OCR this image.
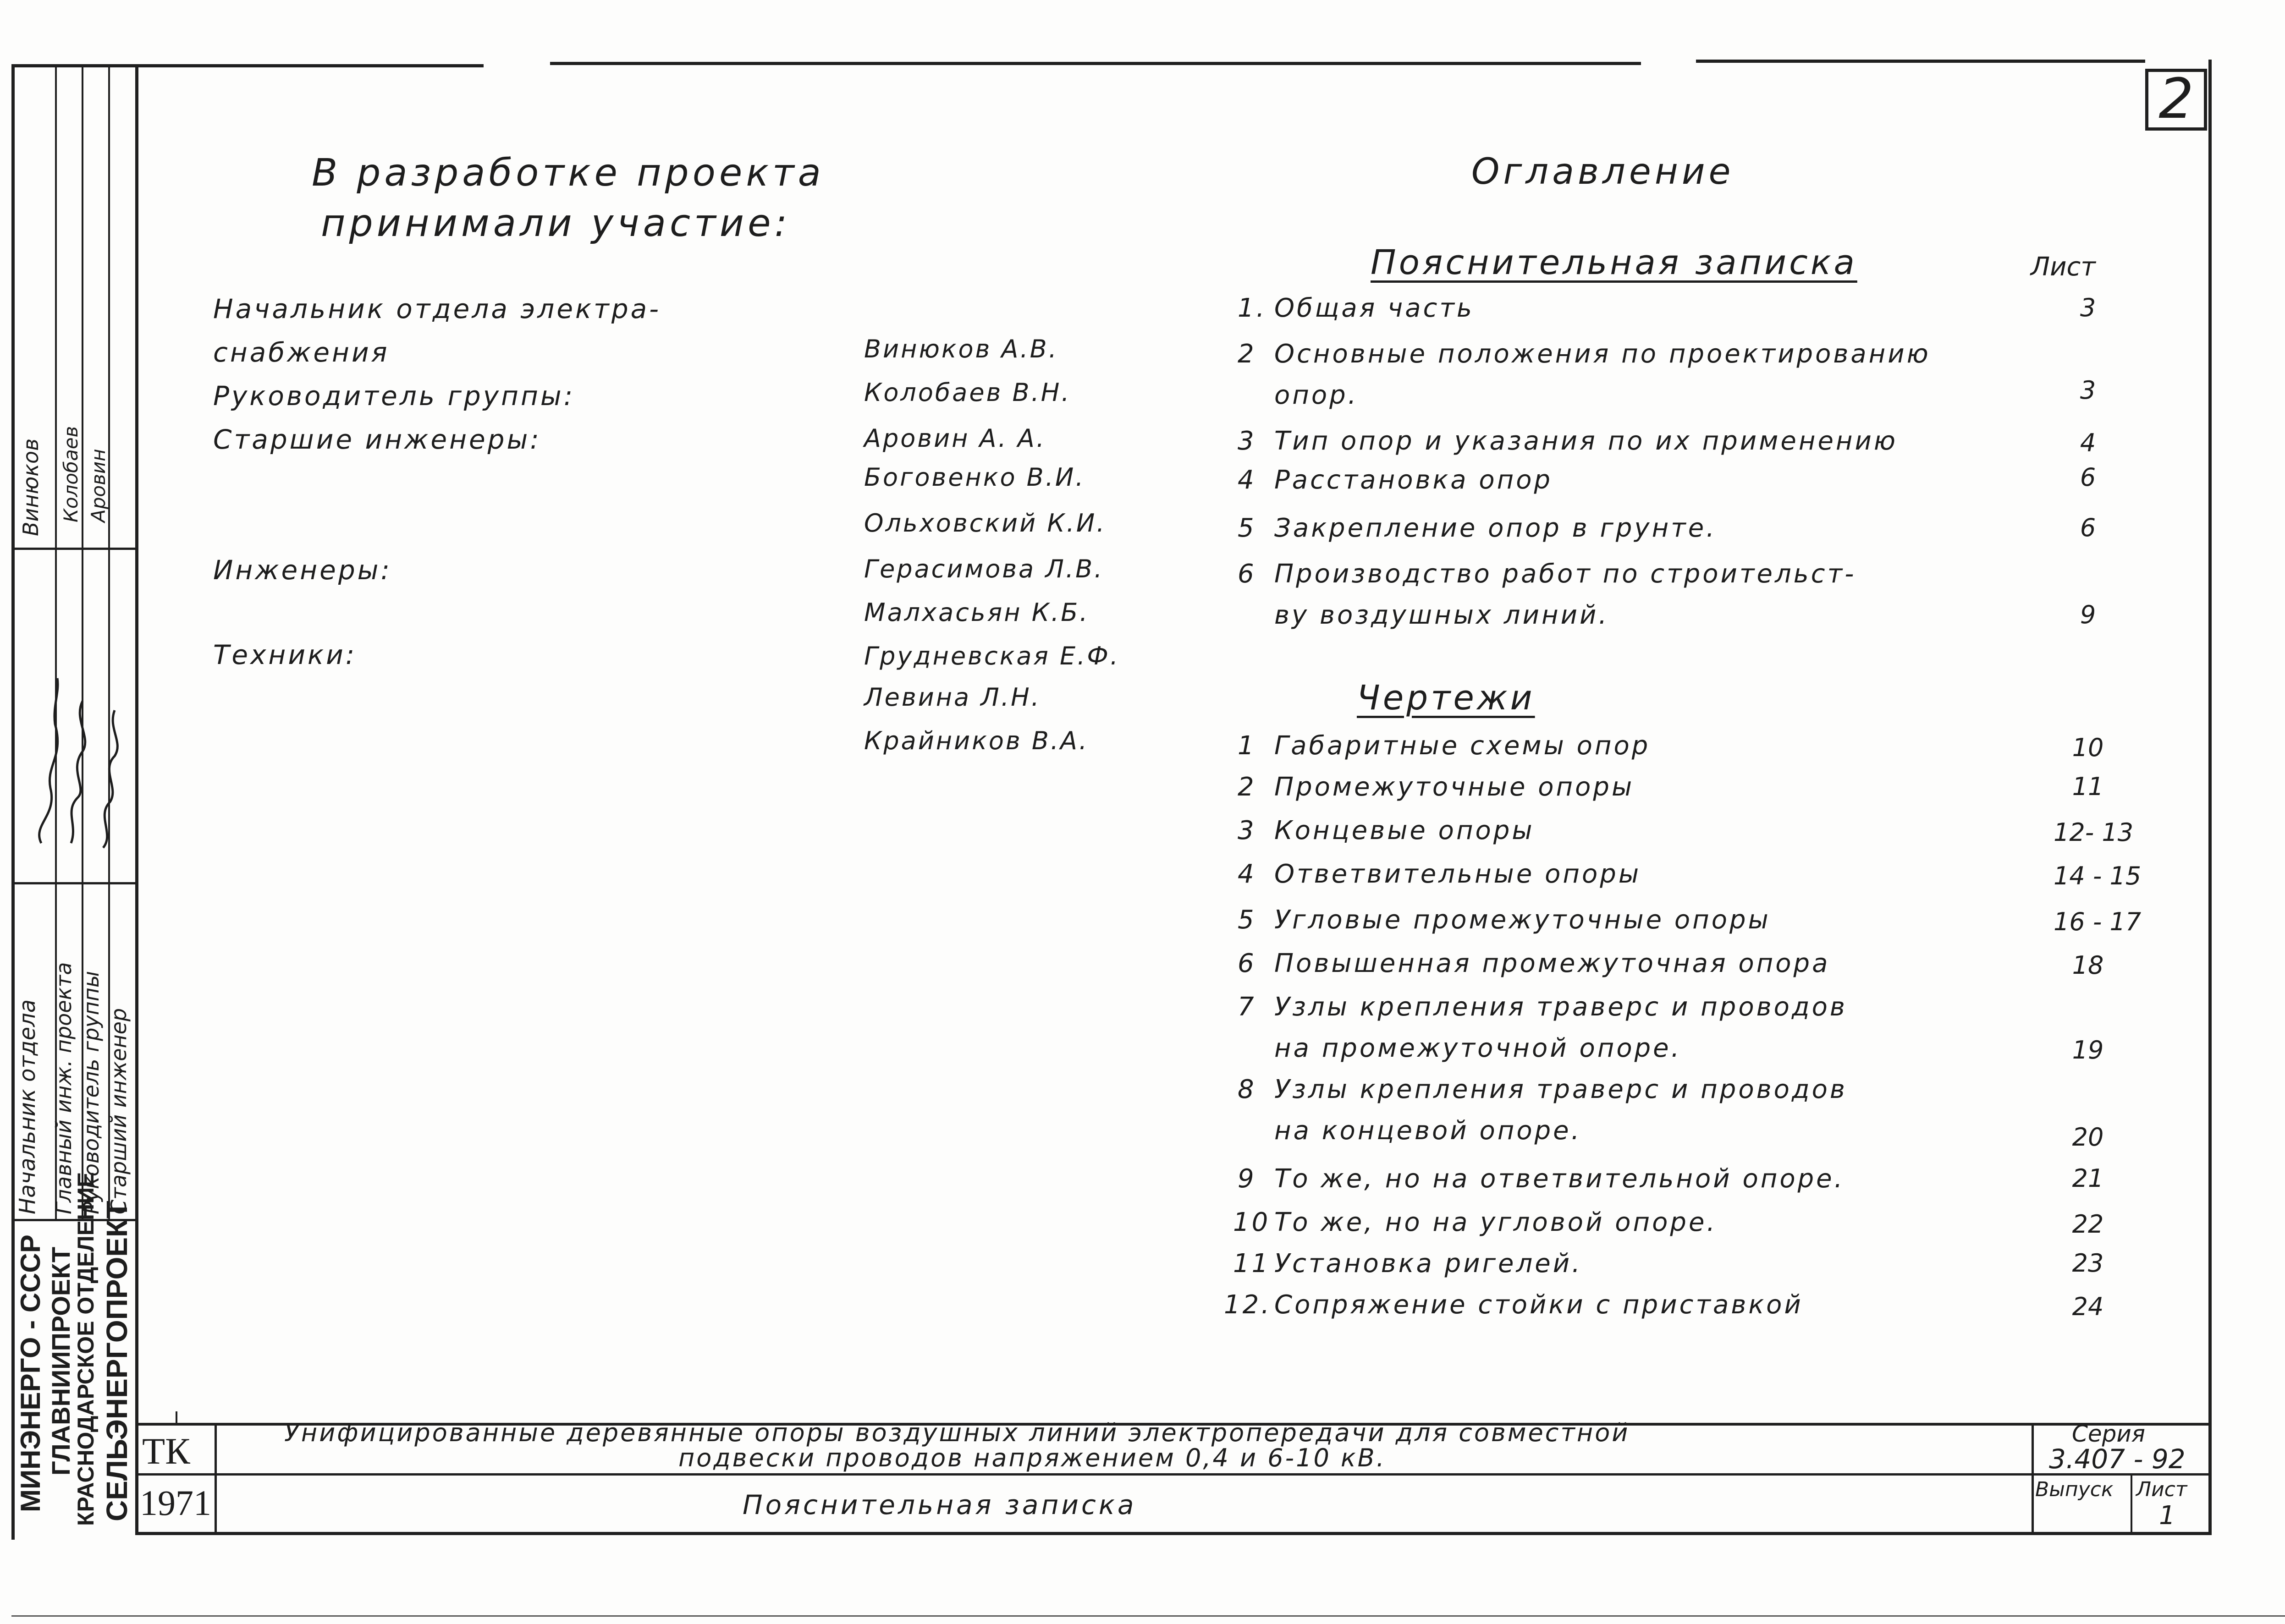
2
МИНЭНЕРГО - СССР ГЛАВНИИПРОЕКТ
КРАСНОДАРСКОЕ ОТДЕЛЕНИЕ СЕЛЬЭНЕРГОПРОЕКТ
Начальник отдела Главный инж. проекта Руководитель группы Старший инженер
Винюков Колобаев Аровин
В разработке проекта
принимали участие:
Начальник отдела электра-
снабжения	Винюков А.В.
Руководитель группы:	Колобаев В.Н.
Старшие инженеры:	Аровин А. А.
Боговенко В.И.
Ольховский К.И.
Инженеры:	Герасимова Л.В.
Малхасьян К.Б.
Техники:	Грудневская Е.Ф.
Левина Л.Н.
Крайников В.А.
Оглавление
Пояснительная записка	Лист
1. Общая часть	3
2 Основные положения по проектированию
опор.	3
3 Тип опор и указания по их применению	4
4 Расстановка опор	6
5 Закрепление опор в грунте.	6
6 Производство работ по строительст-
ву воздушных линий.	9
Чертежи
1 Габаритные схемы опор	10
2 Промежуточные опоры	11
3 Концевые опоры	12- 13
4 Ответвительные опоры	14 - 15
5 Угловые промежуточные опоры	16 - 17
6 Повышенная промежуточная опора	18
7 Узлы крепления траверс и проводов
на промежуточной опоре.	19
8 Узлы крепления траверс и проводов
на концевой опоре.	20
9 То же, но на ответвительной опоре.	21
10 То же, но на угловой опоре.	22
11 Установка ригелей.	23
12. Сопряжение стойки с приставкой	24
ТК
1971
Унифицированные деревянные опоры воздушных линий электропередачи для совместной
подвески проводов напряжением 0,4 и 6-10 кВ.
Пояснительная записка
Серия
3.407 - 92
Выпуск Лист
1
